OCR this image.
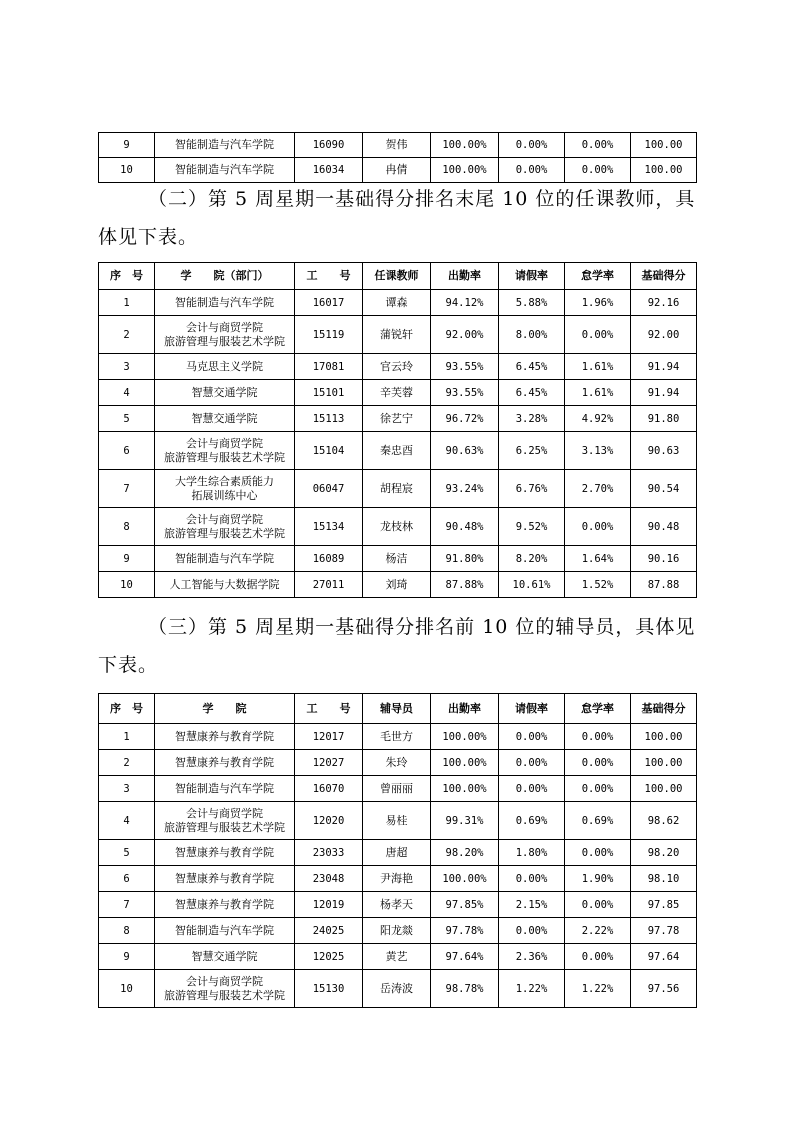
9	智能制造与汽车学院	16090	贺伟	100.00%	0.00%	0.00%	100.00
10	智能制造与汽车学院	16034	冉倩	100.00%	0.00%	0.00%	100.00
（二）第 5 周星期一基础得分排名末尾 10 位的任课教师，具
体见下表。
序　号	学　　院（部门）	工　　号	任课教师	出勤率	请假率	怠学率	基础得分
1	智能制造与汽车学院	16017	谭森	94.12%	5.88%	1.96%	92.16
2	会计与商贸学院
旅游管理与服装艺术学院	15119	蒲锐轩	92.00%	8.00%	0.00%	92.00
3	马克思主义学院	17081	官云玲	93.55%	6.45%	1.61%	91.94
4	智慧交通学院	15101	辛芙蓉	93.55%	6.45%	1.61%	91.94
5	智慧交通学院	15113	徐艺宁	96.72%	3.28%	4.92%	91.80
6	会计与商贸学院
旅游管理与服装艺术学院	15104	秦忠酉	90.63%	6.25%	3.13%	90.63
7	大学生综合素质能力
拓展训练中心	06047	胡程宸	93.24%	6.76%	2.70%	90.54
8	会计与商贸学院
旅游管理与服装艺术学院	15134	龙枝林	90.48%	9.52%	0.00%	90.48
9	智能制造与汽车学院	16089	杨洁	91.80%	8.20%	1.64%	90.16
10	人工智能与大数据学院	27011	刘琦	87.88%	10.61%	1.52%	87.88
（三）第 5 周星期一基础得分排名前 10 位的辅导员，具体见
下表。
序　号	学　　院	工　　号	辅导员	出勤率	请假率	怠学率	基础得分
1	智慧康养与教育学院	12017	毛世方	100.00%	0.00%	0.00%	100.00
2	智慧康养与教育学院	12027	朱玲	100.00%	0.00%	0.00%	100.00
3	智能制造与汽车学院	16070	曾丽丽	100.00%	0.00%	0.00%	100.00
4	会计与商贸学院
旅游管理与服装艺术学院	12020	易桂	99.31%	0.69%	0.69%	98.62
5	智慧康养与教育学院	23033	唐超	98.20%	1.80%	0.00%	98.20
6	智慧康养与教育学院	23048	尹海艳	100.00%	0.00%	1.90%	98.10
7	智慧康养与教育学院	12019	杨孝天	97.85%	2.15%	0.00%	97.85
8	智能制造与汽车学院	24025	阳龙燚	97.78%	0.00%	2.22%	97.78
9	智慧交通学院	12025	黄艺	97.64%	2.36%	0.00%	97.64
10	会计与商贸学院
旅游管理与服装艺术学院	15130	岳涛波	98.78%	1.22%	1.22%	97.56
